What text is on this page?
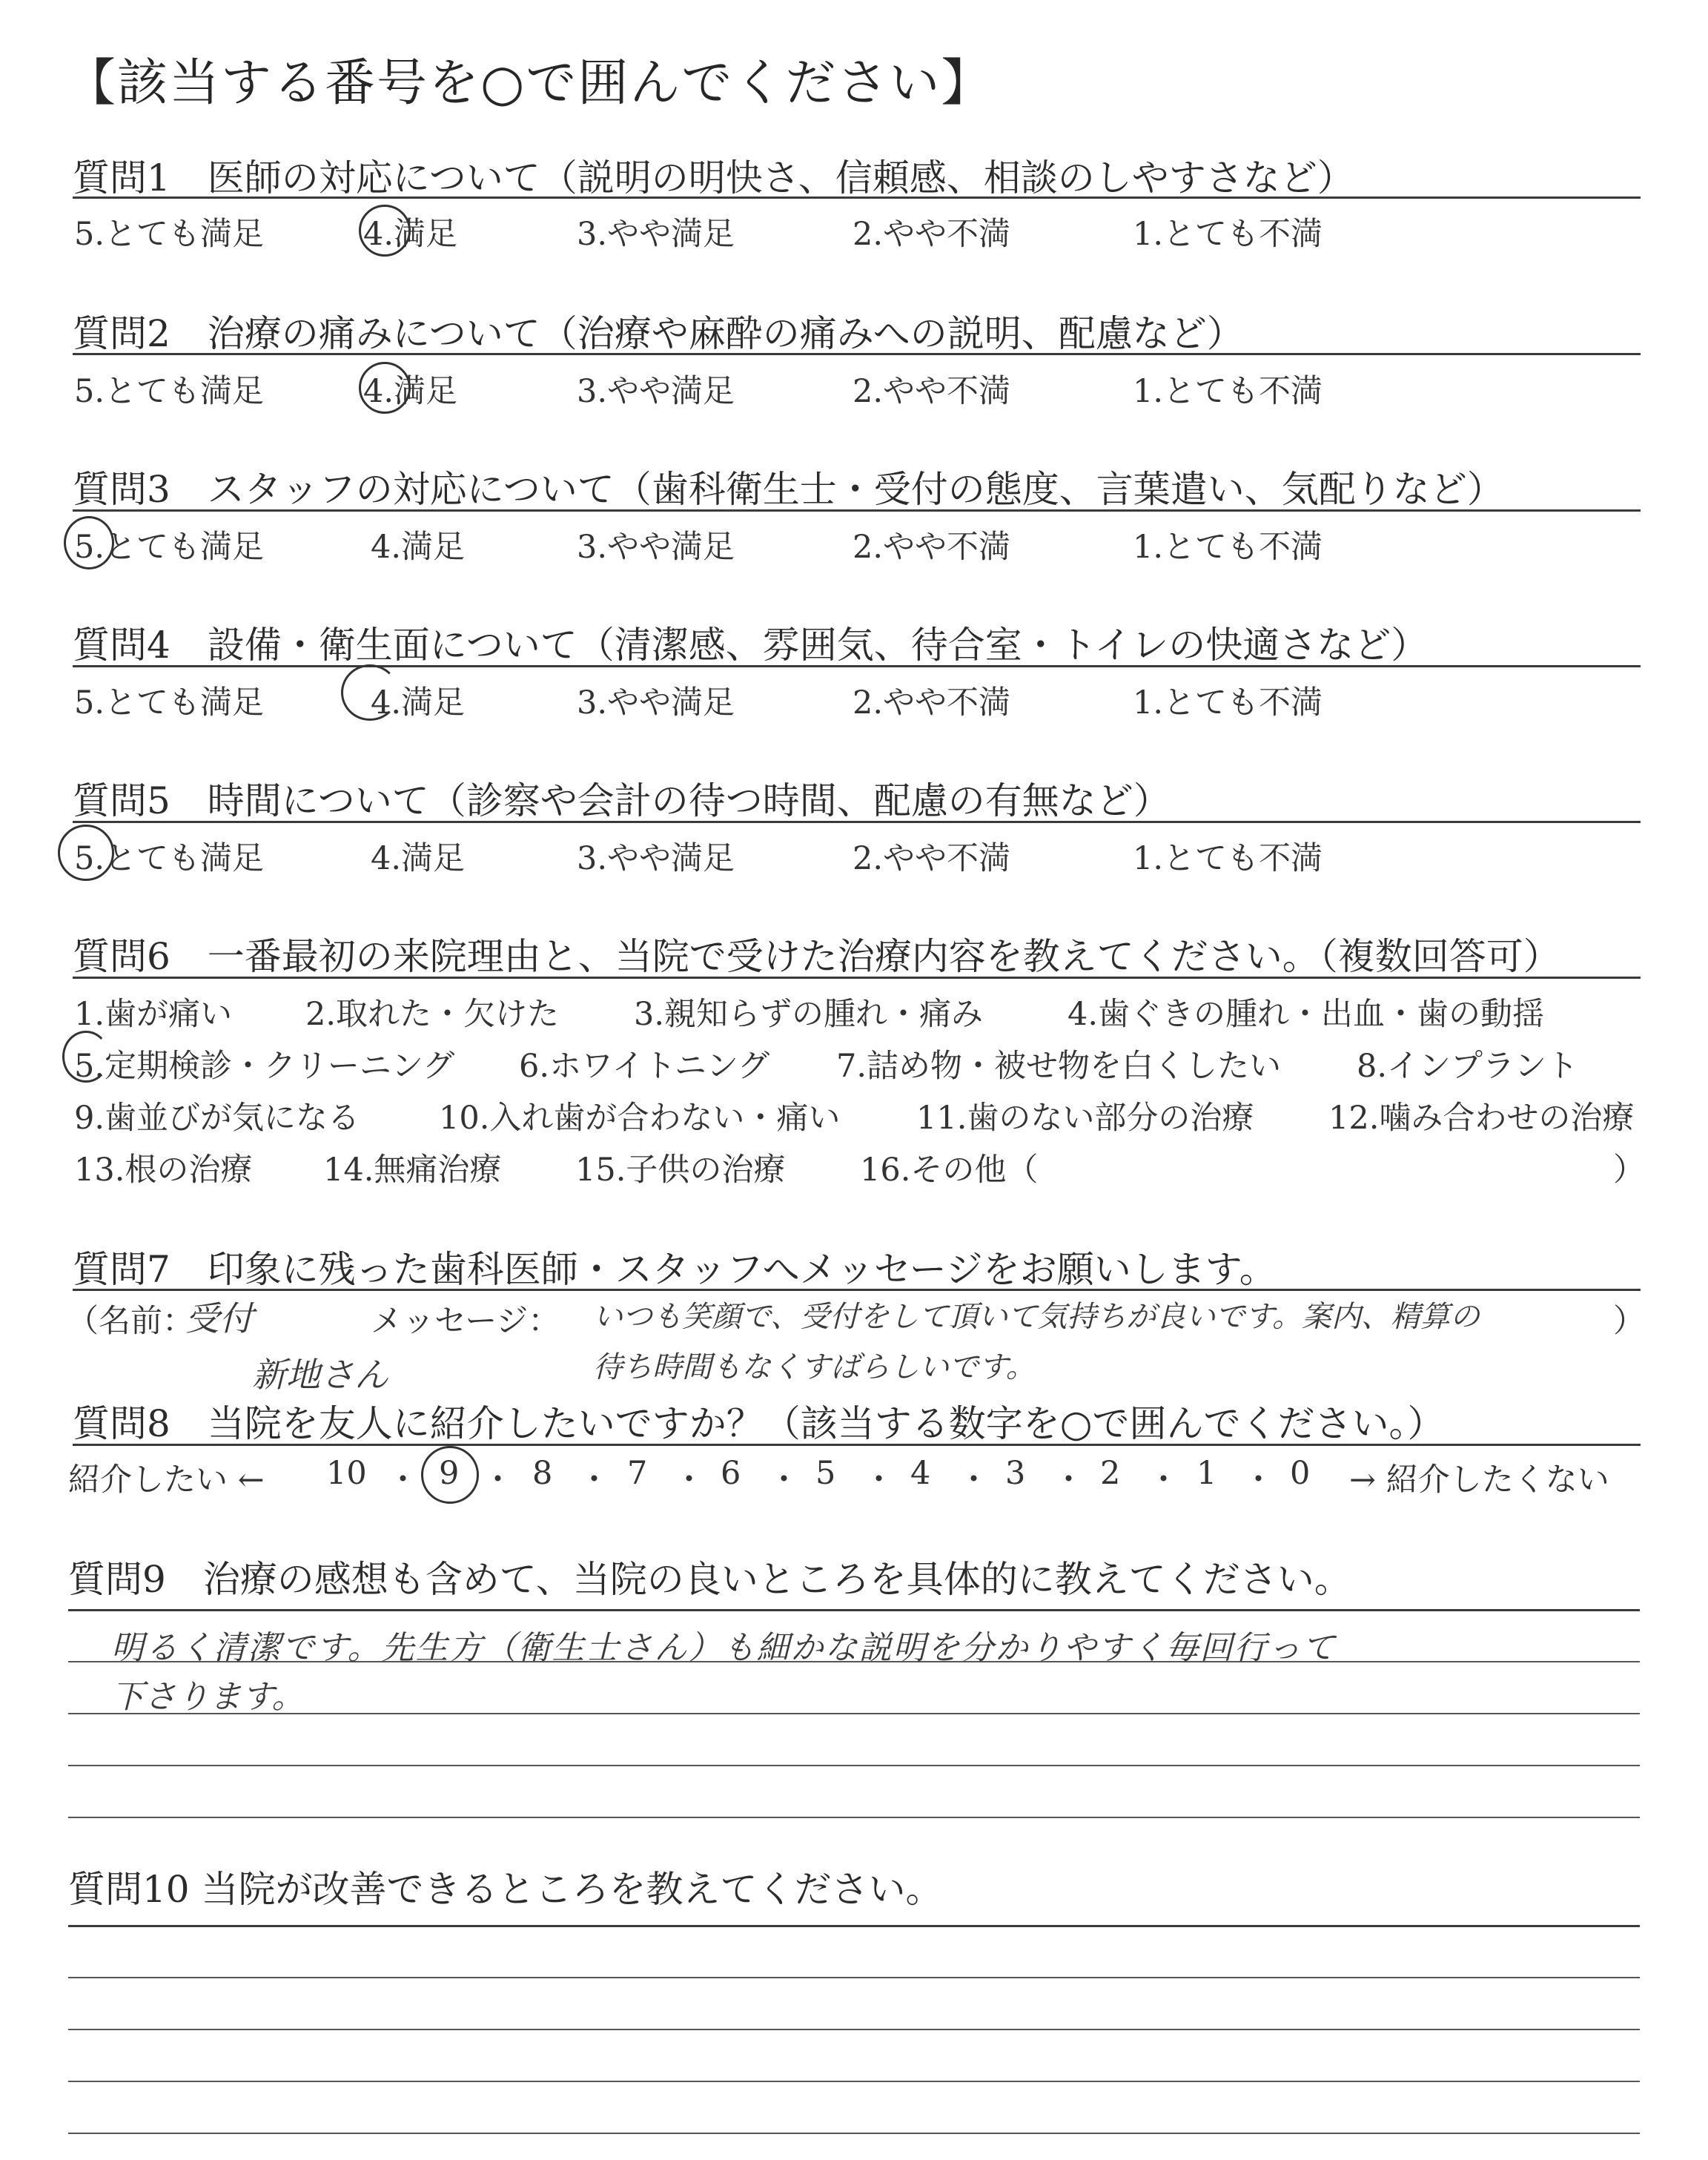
【該当する番号を○で囲んでください】
質問1　医師の対応について（説明の明快さ、信頼感、相談のしやすさなど）
5.とても満足	4.満足	3.やや満足	2.やや不満	1.とても不満
質問2　治療の痛みについて（治療や麻酔の痛みへの説明、配慮など）
5.とても満足	4.満足	3.やや満足	2.やや不満	1.とても不満
質問3　スタッフの対応について（歯科衛生士・受付の態度、言葉遣い、気配りなど）
5.とても満足	4.満足	3.やや満足	2.やや不満	1.とても不満
質問4　設備・衛生面について（清潔感、雰囲気、待合室・トイレの快適さなど）
5.とても満足	4.満足	3.やや満足	2.やや不満	1.とても不満
質問5　時間について（診察や会計の待つ時間、配慮の有無など）
5.とても満足	4.満足	3.やや満足	2.やや不満	1.とても不満
質問6　一番最初の来院理由と、当院で受けた治療内容を教えてください。（複数回答可）
1.歯が痛い 2.取れた・欠けた 3.親知らずの腫れ・痛み	4.歯ぐきの腫れ・出血・歯の動揺
5.定期検診・クリーニング 6.ホワイトニング 7.詰め物・被せ物を白くしたい 8.インプラント
9.歯並びが気になる 10.入れ歯が合わない・痛い 11.歯のない部分の治療 12.噛み合わせの治療
13.根の治療 14.無痛治療 15.子供の治療 16.その他（	）
質問7　印象に残った歯科医師・スタッフへメッセージをお願いします。
（名前：
受付
新地さん
メッセージ： いつも笑顔で、受付をして頂いて気持ちが良いです。案内、精算の
待ち時間もなくすばらしいです。
）
質問8　当院を友人に紹介したいですか？（該当する数字を○で囲んでください。）
紹介したい ←	→ 紹介したくない
10 ・ 9 ・ 8 ・ 7 ・ 6 ・ 5 ・ 4 ・ 3 ・ 2 ・ 1 ・ 0
質問9　治療の感想も含めて、当院の良いところを具体的に教えてください。
明るく清潔です。先生方（衛生士さん）も細かな説明を分かりやすく毎回行って
下さります。
質問10 当院が改善できるところを教えてください。
